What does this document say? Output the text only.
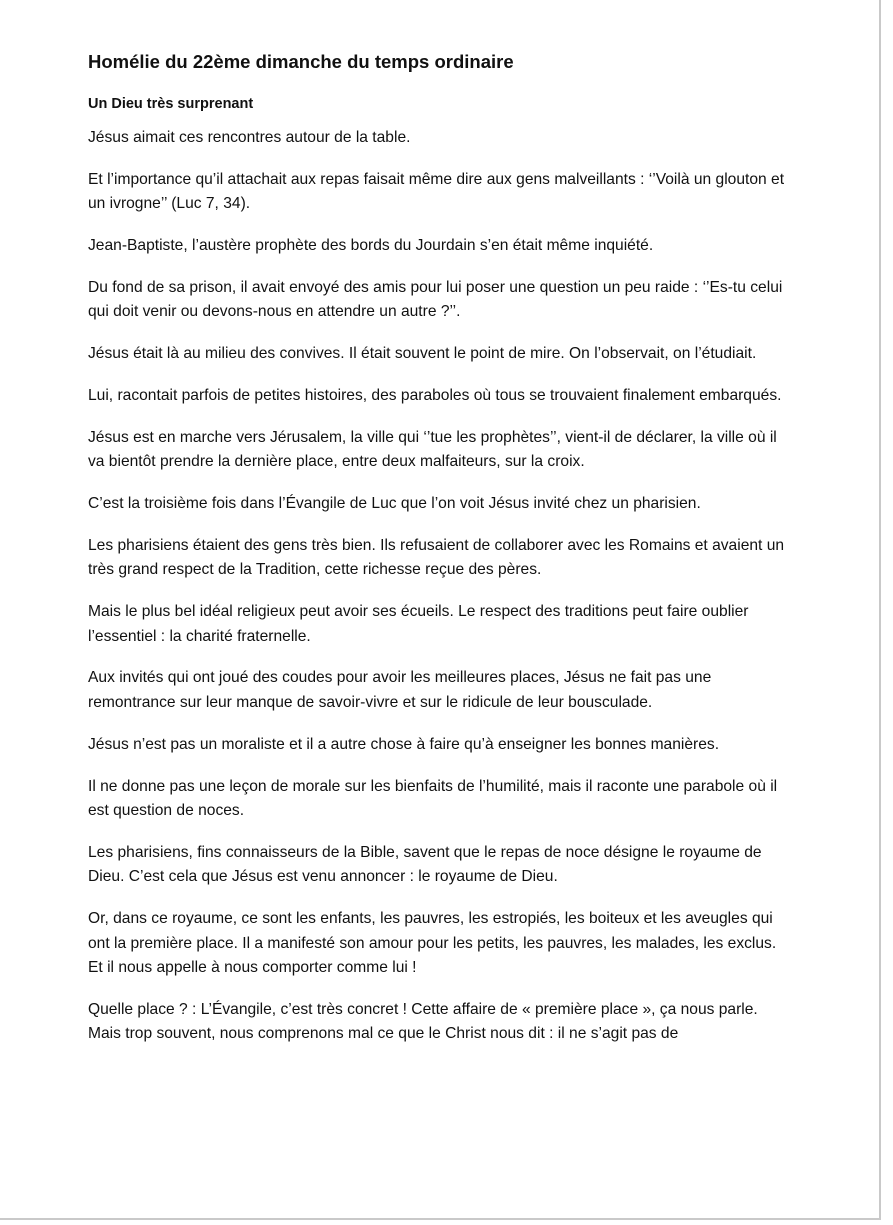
Homélie du 22ème dimanche du temps ordinaire
Un Dieu très surprenant

Jésus aimait ces rencontres autour de la table.

Et l’importance qu’il attachait aux repas faisait même dire aux gens malveillants : ‘’Voilà un glouton et un ivrogne’’ (Luc 7, 34).

Jean-Baptiste, l’austère prophète des bords du Jourdain s’en était même inquiété.

Du fond de sa prison, il avait envoyé des amis pour lui poser une question un peu raide : ‘’Es-tu celui qui doit venir ou devons-nous en attendre un autre ?’’.

Jésus était là au milieu des convives. Il était souvent le point de mire. On l’observait, on l’étudiait.

Lui, racontait parfois de petites histoires, des paraboles où tous se trouvaient finalement embarqués.

Jésus est en marche vers Jérusalem, la ville qui ‘’tue les prophètes’’, vient-il de déclarer, la ville où il va bientôt prendre la dernière place, entre deux malfaiteurs, sur la croix.

C’est la troisième fois dans l’Évangile de Luc que l’on voit Jésus invité chez un pharisien.

Les pharisiens étaient des gens très bien. Ils refusaient de collaborer avec les Romains et avaient un très grand respect de la Tradition, cette richesse reçue des pères.

Mais le plus bel idéal religieux peut avoir ses écueils. Le respect des traditions peut faire oublier l’essentiel : la charité fraternelle.

Aux invités qui ont joué des coudes pour avoir les meilleures places, Jésus ne fait pas une remontrance sur leur manque de savoir-vivre et sur le ridicule de leur bousculade.

Jésus n’est pas un moraliste et il a autre chose à faire qu’à enseigner les bonnes manières.

Il ne donne pas une leçon de morale sur les bienfaits de l’humilité, mais il raconte une parabole où il est question de noces.

Les pharisiens, fins connaisseurs de la Bible, savent que le repas de noce désigne le royaume de Dieu. C’est cela que Jésus est venu annoncer : le royaume de Dieu.

Or, dans ce royaume, ce sont les enfants, les pauvres, les estropiés, les boiteux et les aveugles qui ont la première place. Il a manifesté son amour pour les petits, les pauvres, les malades, les exclus. Et il nous appelle à nous comporter comme lui !

Quelle place ? : L’Évangile, c’est très concret ! Cette affaire de « première place », ça nous parle. Mais trop souvent, nous comprenons mal ce que le Christ nous dit : il ne s’agit pas de
